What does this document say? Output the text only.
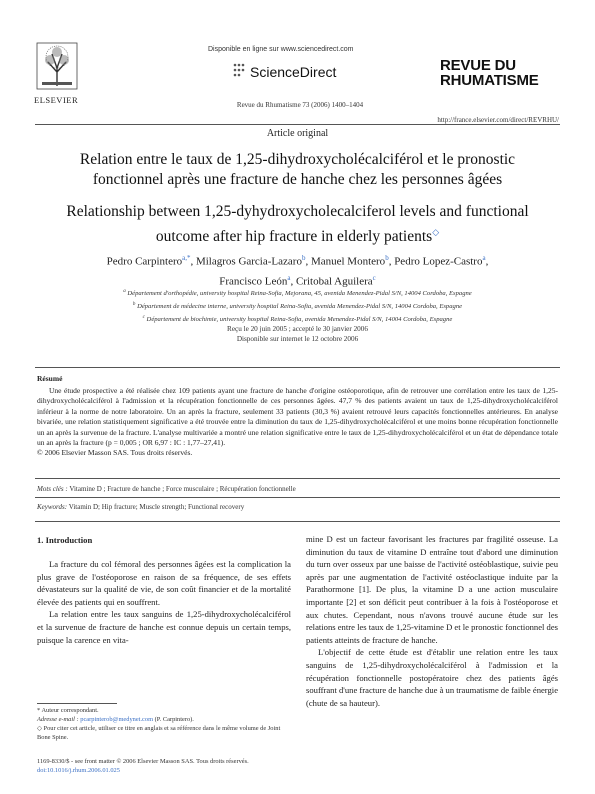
ELSEVIER
Disponible en ligne sur www.sciencedirect.com
ScienceDirect
Revue du Rhumatisme 73 (2006) 1400–1404
REVUE DU
RHUMATISME
http://france.elsevier.com/direct/REVRHU/
Article original
Relation entre le taux de 1,25-dihydroxycholécalciférol et le pronostic
fonctionnel après une fracture de hanche chez les personnes âgées
Relationship between 1,25-dyhydroxycholecalciferol levels and functional
outcome after hip fracture in elderly patients◇
Pedro Carpintero$^{a,*}$, Milagros Garcia-Lazaro$^b$, Manuel Montero$^b$, Pedro Lopez-Castro$^a$,
Francisco León$^a$, Critobal Aguilera$^c$
$^a$ Département d'orthopédie, university hospital Reina-Sofia, Mejorana, 45, avenida Menendez-Pidal S/N, 14004 Cordoba, Espagne
$^b$ Département de médecine interne, university hospital Reina-Sofia, avenida Menendez-Pidal S/N, 14004 Cordoba, Espagne
$^c$ Département de biochimie, university hospital Reina-Sofia, avenida Menendez-Pidal S/N, 14004 Cordoba, Espagne
Reçu le 20 juin 2005 ; accepté le 30 janvier 2006
Disponible sur internet le 12 octobre 2006
Résumé

Une étude prospective a été réalisée chez 109 patients ayant une fracture de hanche d'origine ostéoporotique, afin de retrouver une corrélation entre les taux de 1,25-dihydroxycholécalciférol à l'admission et la récupération fonctionnelle de ces personnes âgées. 47,7 % des patients avaient un taux de 1,25-dihydroxycholécalciférol inférieur à la norme de notre laboratoire. Un an après la fracture, seulement 33 patients (30,3 %) avaient retrouvé leurs capacités fonctionnelles antérieures. En analyse bivariée, une relation statistiquement significative a été trouvée entre la diminution du taux de 1,25-dihydroxycholécalciférol et une moins bonne récupération fonctionnelle un an après la survenue de la fracture. L'analyse multivariée a montré une relation significative entre le taux de 1,25-dihydroxycholécalciférol et un état de dépendance totale un an après la fracture (p = 0,005 ; OR 6,97 : IC : 1,77–27,41).

© 2006 Elsevier Masson SAS. Tous droits réservés.
Mots clés : Vitamine D ; Fracture de hanche ; Force musculaire ; Récupération fonctionnelle
Keywords: Vitamin D; Hip fracture; Muscle strength; Functional recovery
1. Introduction

La fracture du col fémoral des personnes âgées est la complication la plus grave de l'ostéoporose en raison de sa fréquence, de ses effets dévastateurs sur la qualité de vie, de son coût financier et de la mortalité élevée des patients qui en souffrent.

La relation entre les taux sanguins de 1,25-dihydroxycholécalciférol et la survenue de fracture de hanche est connue depuis un certain temps, puisque la carence en vita-

mine D est un facteur favorisant les fractures par fragilité osseuse. La diminution du taux de vitamine D entraîne tout d'abord une diminution du turn over osseux par une baisse de l'activité ostéoblastique, suivie peu après par une augmentation de l'activité ostéoclastique induite par la Parathormone [1]. De plus, la vitamine D a une action musculaire importante [2] et son déficit peut contribuer à la fois à l'ostéoporose et aux chutes. Cependant, nous n'avons trouvé aucune étude sur les relations entre les taux de 1,25-vitamine D et le pronostic fonctionnel des patients atteints de fracture de hanche.

L'objectif de cette étude est d'établir une relation entre les taux sanguins de 1,25-dihydroxycholécalciférol à l'admission et la récupération fonctionnelle postopératoire chez des patients âgés souffrant d'une fracture de hanche due à un traumatisme de faible énergie (chute de sa hauteur).

* Auteur correspondant.

Adresse e-mail : pcarpinterob@medynet.com (P. Carpintero).

◇ Pour citer cet article, utiliser ce titre en anglais et sa référence dans le même volume de Joint Bone Spine.

1169-8330/$ - see front matter © 2006 Elsevier Masson SAS. Tous droits réservés.
doi:10.1016/j.rhum.2006.01.025
